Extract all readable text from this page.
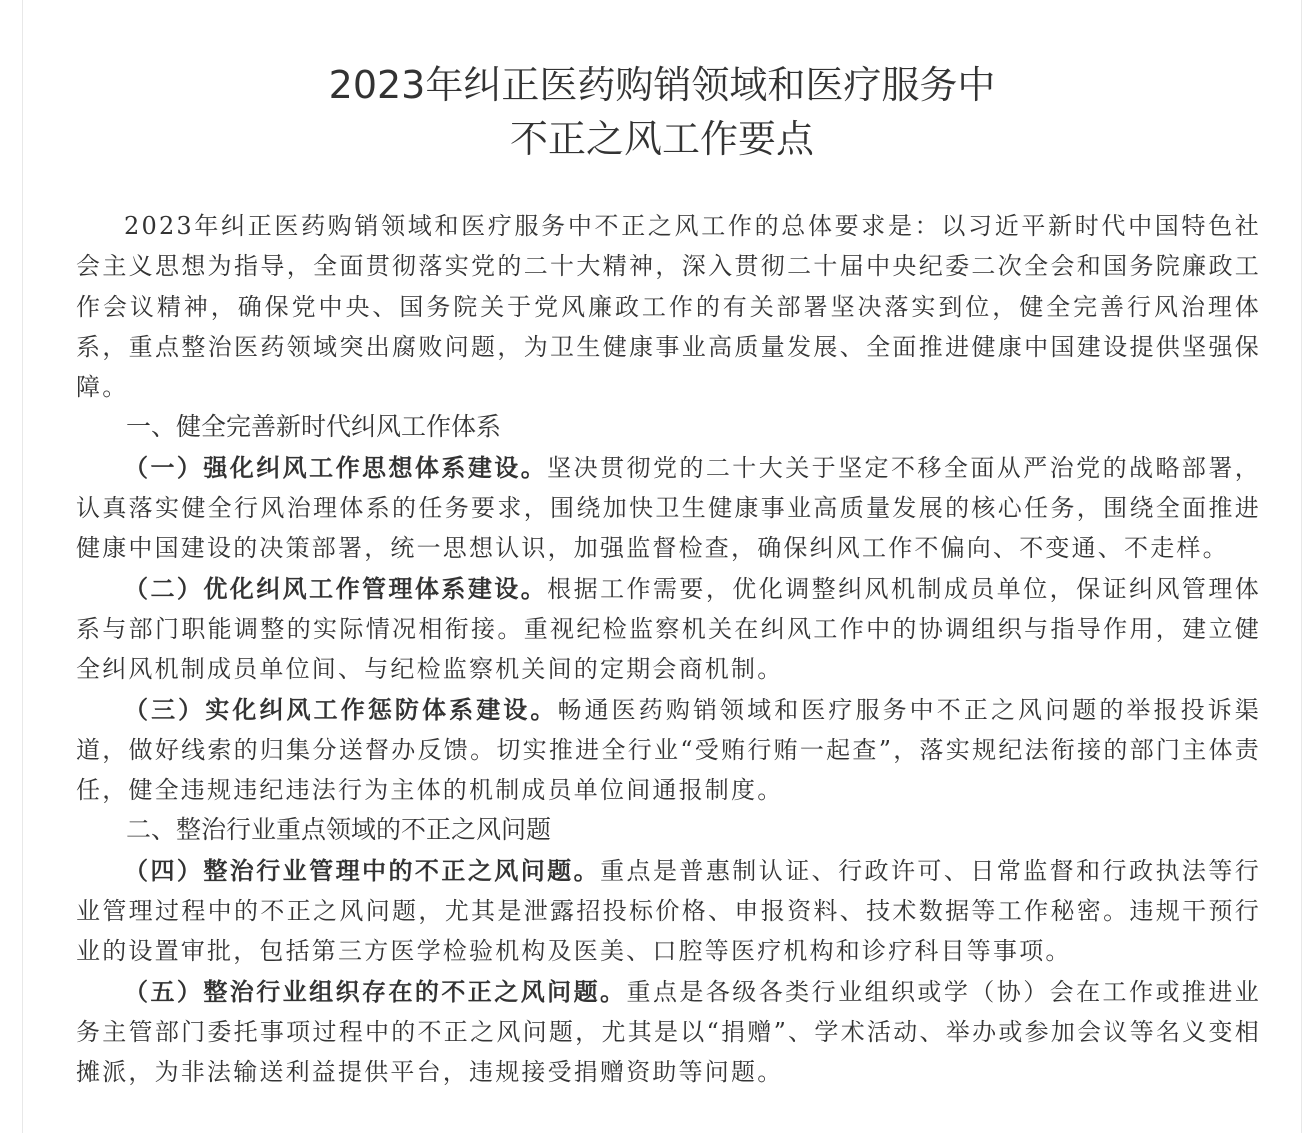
2023年纠正医药购销领域和医疗服务中
不正之风工作要点

2023年纠正医药购销领域和医疗服务中不正之风工作的总体要求是：以习近平新时代中国特色社会主义思想为指导，全面贯彻落实党的二十大精神，深入贯彻二十届中央纪委二次全会和国务院廉政工作会议精神，确保党中央、国务院关于党风廉政工作的有关部署坚决落实到位，健全完善行风治理体系，重点整治医药领域突出腐败问题，为卫生健康事业高质量发展、全面推进健康中国建设提供坚强保障。

一、健全完善新时代纠风工作体系

（一）强化纠风工作思想体系建设。坚决贯彻党的二十大关于坚定不移全面从严治党的战略部署，认真落实健全行风治理体系的任务要求，围绕加快卫生健康事业高质量发展的核心任务，围绕全面推进健康中国建设的决策部署，统一思想认识，加强监督检查，确保纠风工作不偏向、不变通、不走样。

（二）优化纠风工作管理体系建设。根据工作需要，优化调整纠风机制成员单位，保证纠风管理体系与部门职能调整的实际情况相衔接。重视纪检监察机关在纠风工作中的协调组织与指导作用，建立健全纠风机制成员单位间、与纪检监察机关间的定期会商机制。

（三）实化纠风工作惩防体系建设。畅通医药购销领域和医疗服务中不正之风问题的举报投诉渠道，做好线索的归集分送督办反馈。切实推进全行业“受贿行贿一起查”，落实规纪法衔接的部门主体责任，健全违规违纪违法行为主体的机制成员单位间通报制度。

二、整治行业重点领域的不正之风问题

（四）整治行业管理中的不正之风问题。重点是普惠制认证、行政许可、日常监督和行政执法等行业管理过程中的不正之风问题，尤其是泄露招投标价格、申报资料、技术数据等工作秘密。违规干预行业的设置审批，包括第三方医学检验机构及医美、口腔等医疗机构和诊疗科目等事项。

（五）整治行业组织存在的不正之风问题。重点是各级各类行业组织或学（协）会在工作或推进业务主管部门委托事项过程中的不正之风问题，尤其是以“捐赠”、学术活动、举办或参加会议等名义变相摊派，为非法输送利益提供平台，违规接受捐赠资助等问题。
